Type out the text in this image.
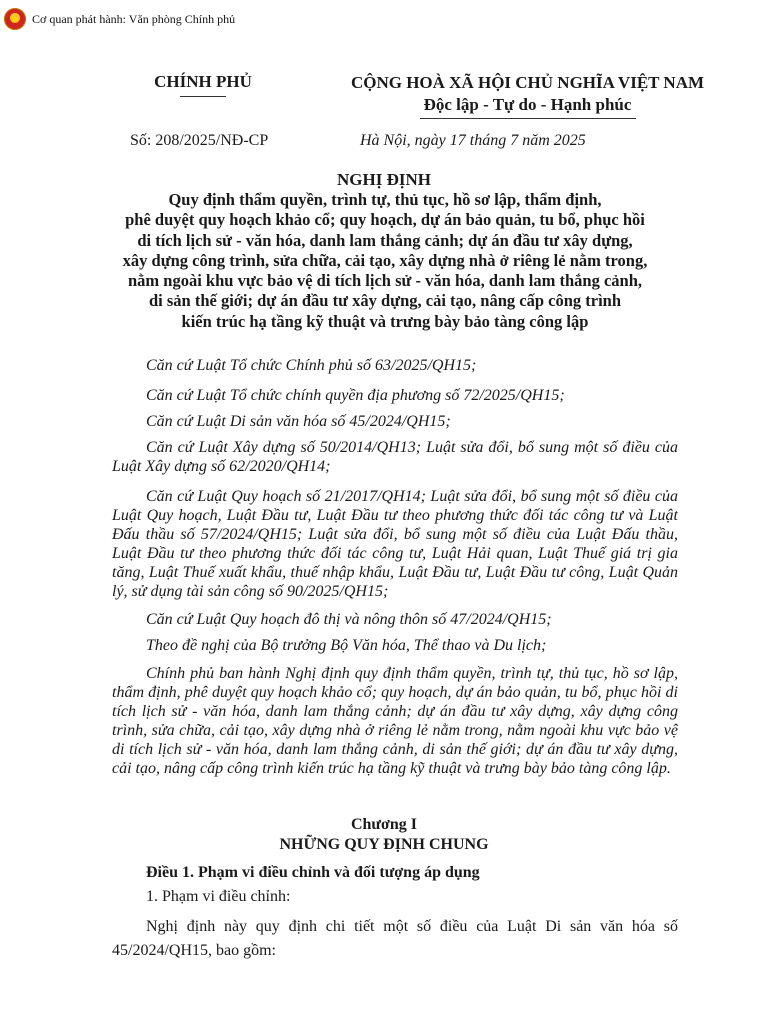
★
Cơ quan phát hành: Văn phòng Chính phủ
CHÍNH PHỦ	CỘNG HOÀ XÃ HỘI CHỦ NGHĨA VIỆT NAM
Độc lập - Tự do - Hạnh phúc
Số: 208/2025/NĐ-CP	Hà Nội, ngày 17 tháng 7 năm 2025
NGHỊ ĐỊNH
Quy định thẩm quyền, trình tự, thủ tục, hồ sơ lập, thẩm định,
phê duyệt quy hoạch khảo cổ; quy hoạch, dự án bảo quản, tu bổ, phục hồi
di tích lịch sử - văn hóa, danh lam thắng cảnh; dự án đầu tư xây dựng,
xây dựng công trình, sửa chữa, cải tạo, xây dựng nhà ở riêng lẻ nằm trong,
nằm ngoài khu vực bảo vệ di tích lịch sử - văn hóa, danh lam thắng cảnh,
di sản thế giới; dự án đầu tư xây dựng, cải tạo, nâng cấp công trình
kiến trúc hạ tầng kỹ thuật và trưng bày bảo tàng công lập
Căn cứ Luật Tổ chức Chính phủ số 63/2025/QH15;
Căn cứ Luật Tổ chức chính quyền địa phương số 72/2025/QH15;
Căn cứ Luật Di sản văn hóa số 45/2024/QH15;
Căn cứ Luật Xây dựng số 50/2014/QH13; Luật sửa đổi, bổ sung một số điều của Luật Xây dựng số 62/2020/QH14;
Căn cứ Luật Quy hoạch số 21/2017/QH14; Luật sửa đổi, bổ sung một số điều của Luật Quy hoạch, Luật Đầu tư, Luật Đầu tư theo phương thức đối tác công tư và Luật Đấu thầu số 57/2024/QH15; Luật sửa đổi, bổ sung một số điều của Luật Đấu thầu, Luật Đầu tư theo phương thức đối tác công tư, Luật Hải quan, Luật Thuế giá trị gia tăng, Luật Thuế xuất khẩu, thuế nhập khẩu, Luật Đầu tư, Luật Đầu tư công, Luật Quản lý, sử dụng tài sản công số 90/2025/QH15;
Căn cứ Luật Quy hoạch đô thị và nông thôn số 47/2024/QH15;
Theo đề nghị của Bộ trưởng Bộ Văn hóa, Thể thao và Du lịch;
Chính phủ ban hành Nghị định quy định thẩm quyền, trình tự, thủ tục, hồ sơ lập, thẩm định, phê duyệt quy hoạch khảo cổ; quy hoạch, dự án bảo quản, tu bổ, phục hồi di tích lịch sử - văn hóa, danh lam thắng cảnh; dự án đầu tư xây dựng, xây dựng công trình, sửa chữa, cải tạo, xây dựng nhà ở riêng lẻ nằm trong, nằm ngoài khu vực bảo vệ di tích lịch sử - văn hóa, danh lam thắng cảnh, di sản thế giới; dự án đầu tư xây dựng, cải tạo, nâng cấp công trình kiến trúc hạ tầng kỹ thuật và trưng bày bảo tàng công lập.
Chương I
NHỮNG QUY ĐỊNH CHUNG
Điều 1. Phạm vi điều chỉnh và đối tượng áp dụng
1. Phạm vi điều chỉnh:
Nghị định này quy định chi tiết một số điều của Luật Di sản văn hóa số 45/2024/QH15, bao gồm:
